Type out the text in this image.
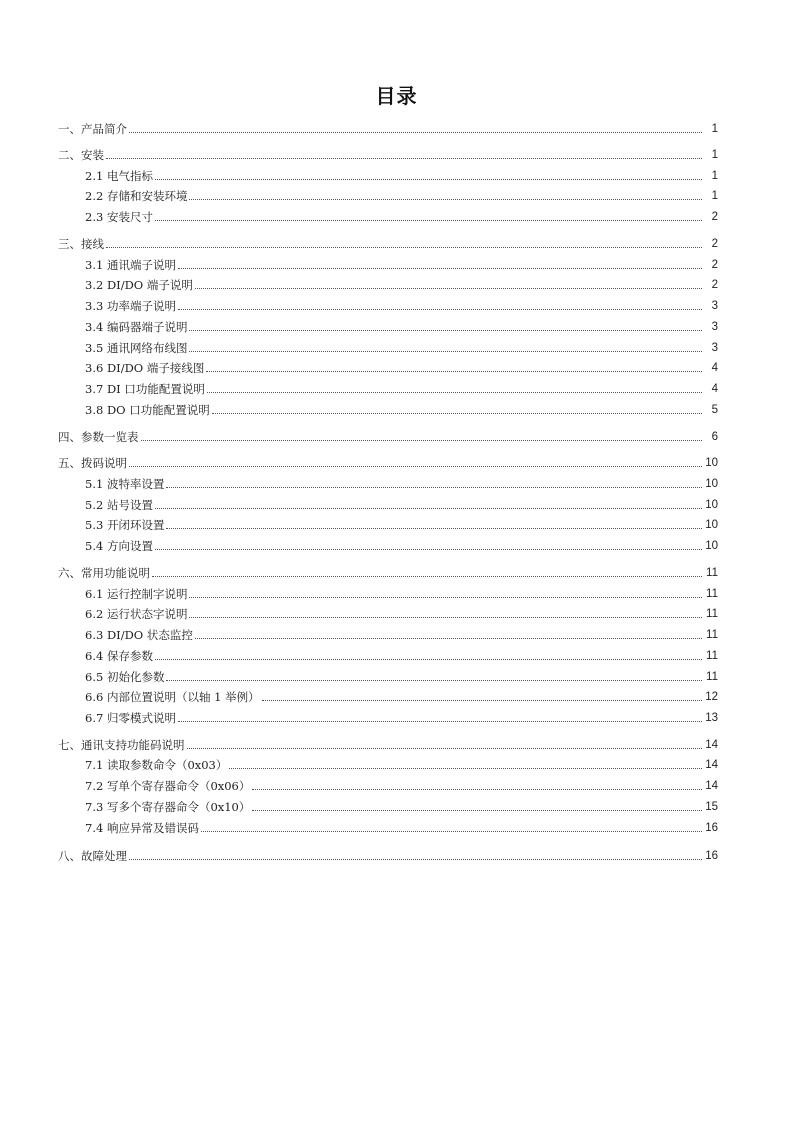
目录
一、产品简介	1
二、安装	1
2.1 电气指标	1
2.2 存储和安装环境	1
2.3 安装尺寸	2
三、接线	2
3.1 通讯端子说明	2
3.2 DI/DO 端子说明	2
3.3 功率端子说明	3
3.4 编码器端子说明	3
3.5 通讯网络布线图	3
3.6 DI/DO 端子接线图	4
3.7 DI 口功能配置说明	4
3.8 DO 口功能配置说明	5
四、参数一览表	6
五、拨码说明	10
5.1 波特率设置	10
5.2 站号设置	10
5.3 开闭环设置	10
5.4 方向设置	10
六、常用功能说明	11
6.1 运行控制字说明	11
6.2 运行状态字说明	11
6.3 DI/DO 状态监控	11
6.4 保存参数	11
6.5 初始化参数	11
6.6 内部位置说明（以轴 1 举例）	12
6.7 归零模式说明	13
七、通讯支持功能码说明	14
7.1 读取参数命令（0x03）	14
7.2 写单个寄存器命令（0x06）	14
7.3 写多个寄存器命令（0x10）	15
7.4 响应异常及错误码	16
八、故障处理	16
